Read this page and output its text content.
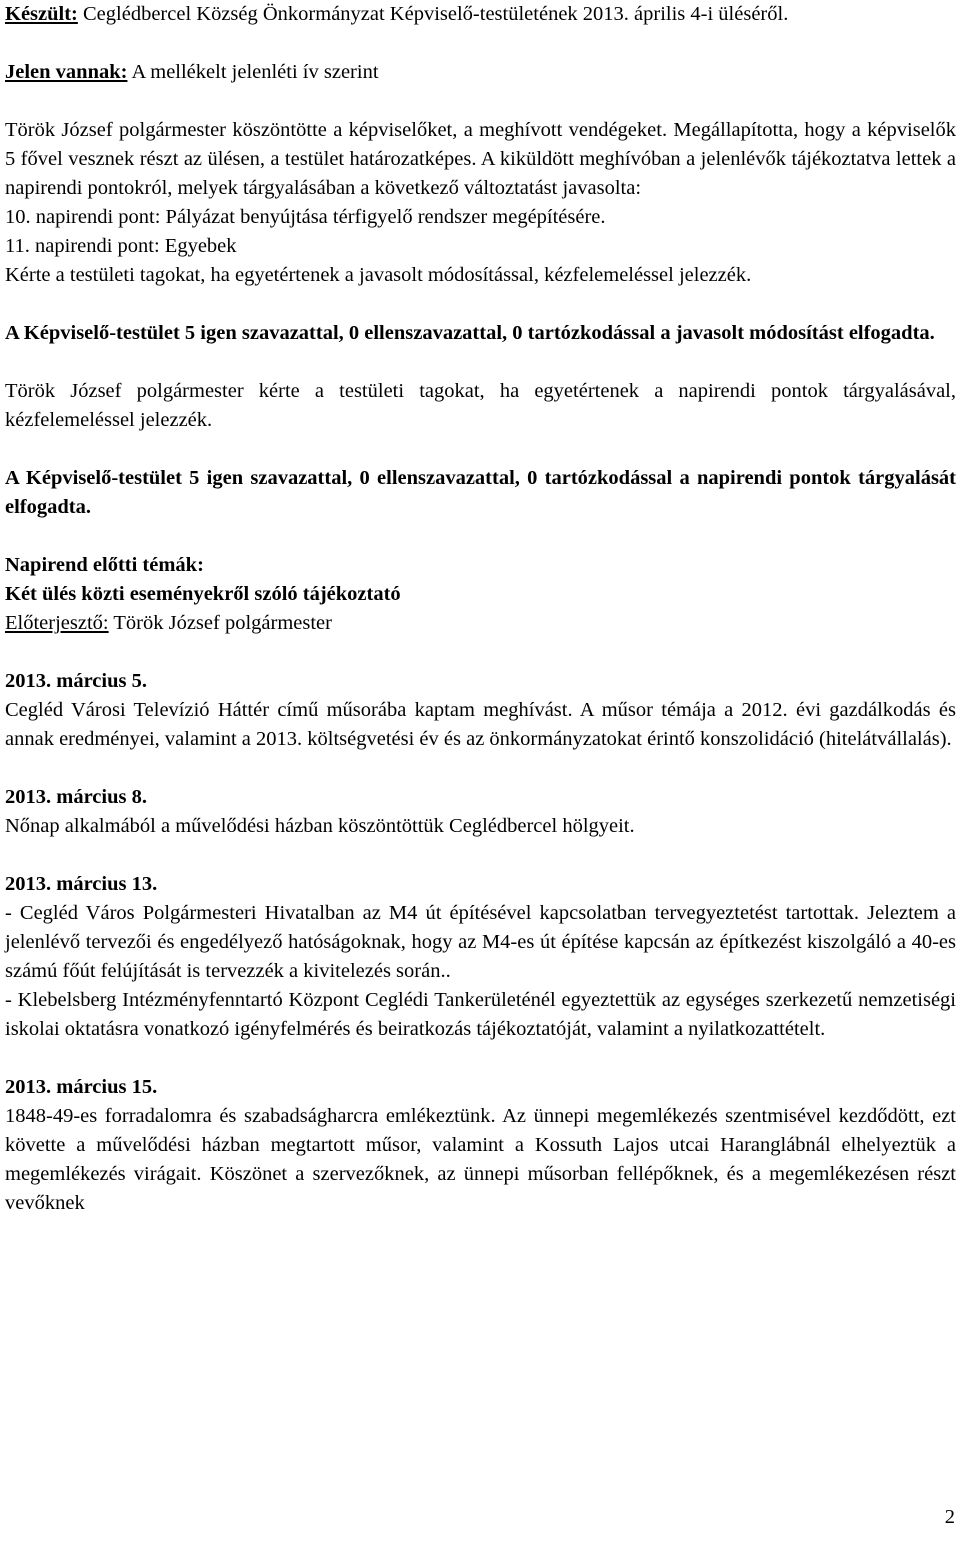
Készült: Ceglédbercel Község Önkormányzat Képviselő-testületének 2013. április 4-i üléséről.

Jelen vannak: A mellékelt jelenléti ív szerint

Török József polgármester köszöntötte a képviselőket, a meghívott vendégeket. Megállapította, hogy a képviselők 5 fővel vesznek részt az ülésen, a testület határozatképes. A kiküldött meghívóban a jelenlévők tájékoztatva lettek a napirendi pontokról, melyek tárgyalásában a következő változtatást javasolta:

10. napirendi pont: Pályázat benyújtása térfigyelő rendszer megépítésére.

11. napirendi pont: Egyebek

Kérte a testületi tagokat, ha egyetértenek a javasolt módosítással, kézfelemeléssel jelezzék.

A Képviselő-testület 5 igen szavazattal, 0 ellenszavazattal, 0 tartózkodással a javasolt módosítást elfogadta.

Török József polgármester kérte a testületi tagokat, ha egyetértenek a napirendi pontok tárgyalásával, kézfelemeléssel jelezzék.

A Képviselő-testület 5 igen szavazattal, 0 ellenszavazattal, 0 tartózkodással a napirendi pontok tárgyalását elfogadta.

Napirend előtti témák:

Két ülés közti eseményekről szóló tájékoztató

Előterjesztő: Török József polgármester

2013. március 5.

Cegléd Városi Televízió Háttér című műsorába kaptam meghívást. A műsor témája a 2012. évi gazdálkodás és annak eredményei, valamint a 2013. költségvetési év és az önkormányzatokat érintő konszolidáció (hitelátvállalás).

2013. március 8.

Nőnap alkalmából a művelődési házban köszöntöttük Ceglédbercel hölgyeit.

2013. március 13.

- Cegléd Város Polgármesteri Hivatalban az M4 út építésével kapcsolatban tervegyeztetést tartottak. Jeleztem a jelenlévő tervezői és engedélyező hatóságoknak, hogy az M4-es út építése kapcsán az építkezést kiszolgáló a 40-es számú főút felújítását is tervezzék a kivitelezés során..

- Klebelsberg Intézményfenntartó Központ Ceglédi Tankerületénél egyeztettük az egységes szerkezetű nemzetiségi iskolai oktatásra vonatkozó igényfelmérés és beiratkozás tájékoztatóját, valamint a nyilatkozattételt.

2013. március 15.

1848-49-es forradalomra és szabadságharcra emlékeztünk. Az ünnepi megemlékezés szentmisével kezdődött, ezt követte a művelődési házban megtartott műsor, valamint a Kossuth Lajos utcai Haranglábnál elhelyeztük a megemlékezés virágait. Köszönet a szervezőknek, az ünnepi műsorban fellépőknek, és a megemlékezésen részt vevőknek

2
